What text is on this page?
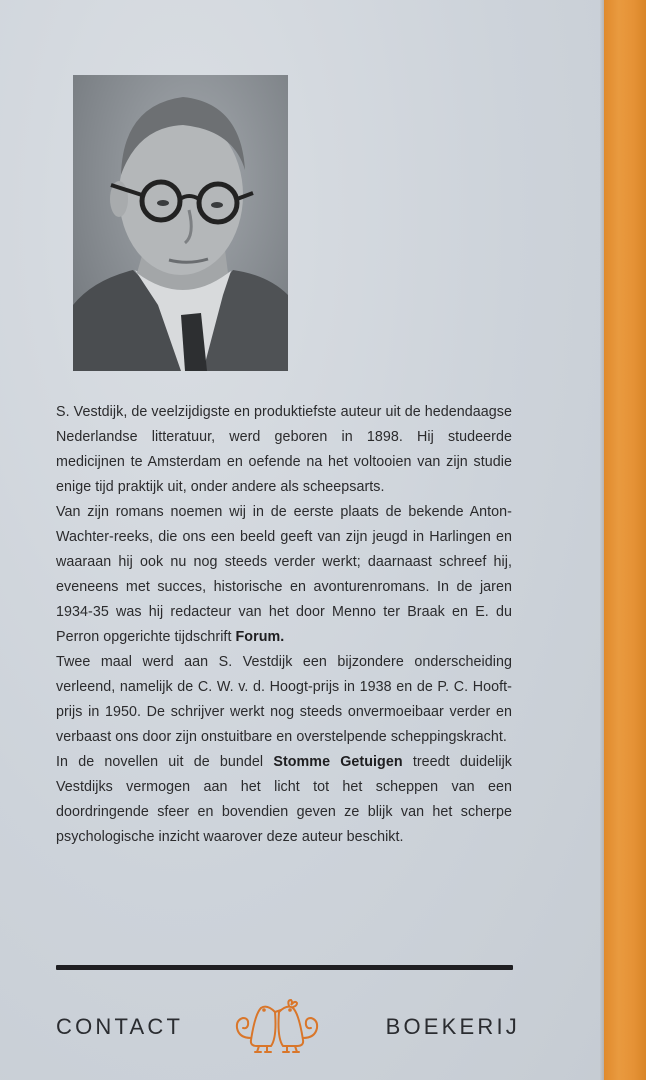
S. Vestdijk, de veelzijdigste en produktiefste auteur uit de hedendaagse Nederlandse litteratuur, werd geboren in 1898. Hij studeerde medicijnen te Amsterdam en oefende na het voltooien van zijn studie enige tijd praktijk uit, onder andere als scheepsarts.

Van zijn romans noemen wij in de eerste plaats de bekende Anton-Wachter-reeks, die ons een beeld geeft van zijn jeugd in Harlingen en waaraan hij ook nu nog steeds verder werkt; daarnaast schreef hij, eveneens met succes, historische en avonturenromans. In de jaren 1934-35 was hij redacteur van het door Menno ter Braak en E. du Perron opgerichte tijdschrift Forum.

Twee maal werd aan S. Vestdijk een bijzondere onderscheiding verleend, namelijk de C. W. v. d. Hoogt-prijs in 1938 en de P. C. Hooft-prijs in 1950. De schrijver werkt nog steeds onvermoeibaar verder en verbaast ons door zijn onstuitbare en overstelpende scheppingskracht.

In de novellen uit de bundel Stomme Getuigen treedt duidelijk Vestdijks vermogen aan het licht tot het scheppen van een doordringende sfeer en bovendien geven ze blijk van het scherpe psychologische inzicht waarover deze auteur beschikt.

CONTACT	BOEKERIJ
